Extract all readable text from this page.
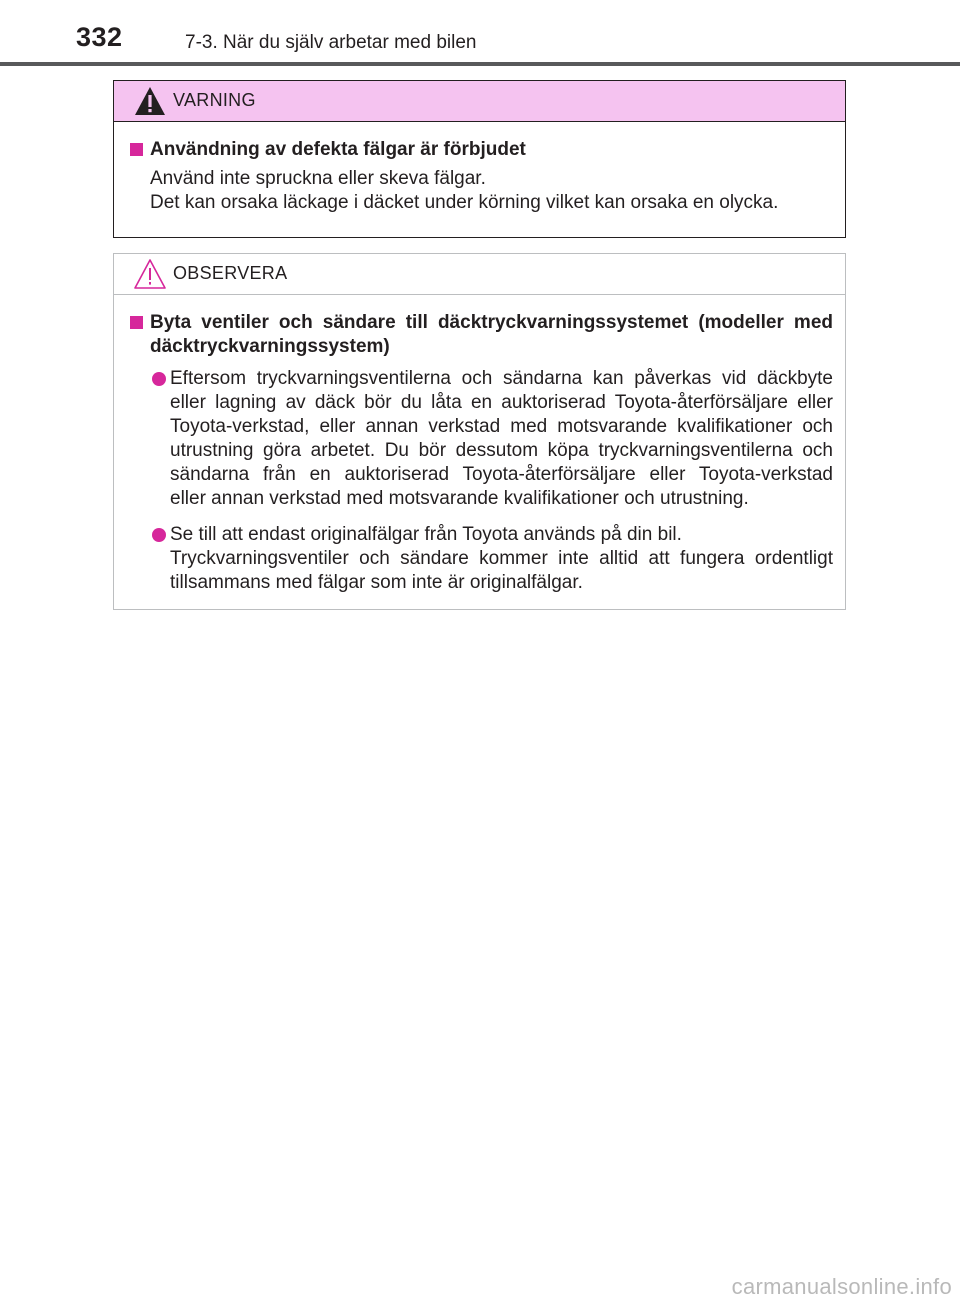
332	7-3. När du själv arbetar med bilen
VARNING
Användning av defekta fälgar är förbjudet
Använd inte spruckna eller skeva fälgar.
Det kan orsaka läckage i däcket under körning vilket kan orsaka en olycka.
OBSERVERA
Byta ventiler och sändare till däcktryckvarningssystemet (modeller med däcktryckvarningssystem)
Eftersom tryckvarningsventilerna och sändarna kan påverkas vid däckbyte
eller lagning av däck bör du låta en auktoriserad Toyota-återförsäljare eller
Toyota-verkstad, eller annan verkstad med motsvarande kvalifikationer och
utrustning göra arbetet. Du bör dessutom köpa tryckvarningsventilerna och
sändarna från en auktoriserad Toyota-återförsäljare eller Toyota-verkstad
eller annan verkstad med motsvarande kvalifikationer och utrustning.
Se till att endast originalfälgar från Toyota används på din bil.
Tryckvarningsventiler och sändare kommer inte alltid att fungera ordentligt
tillsammans med fälgar som inte är originalfälgar.
carmanualsonline.info
